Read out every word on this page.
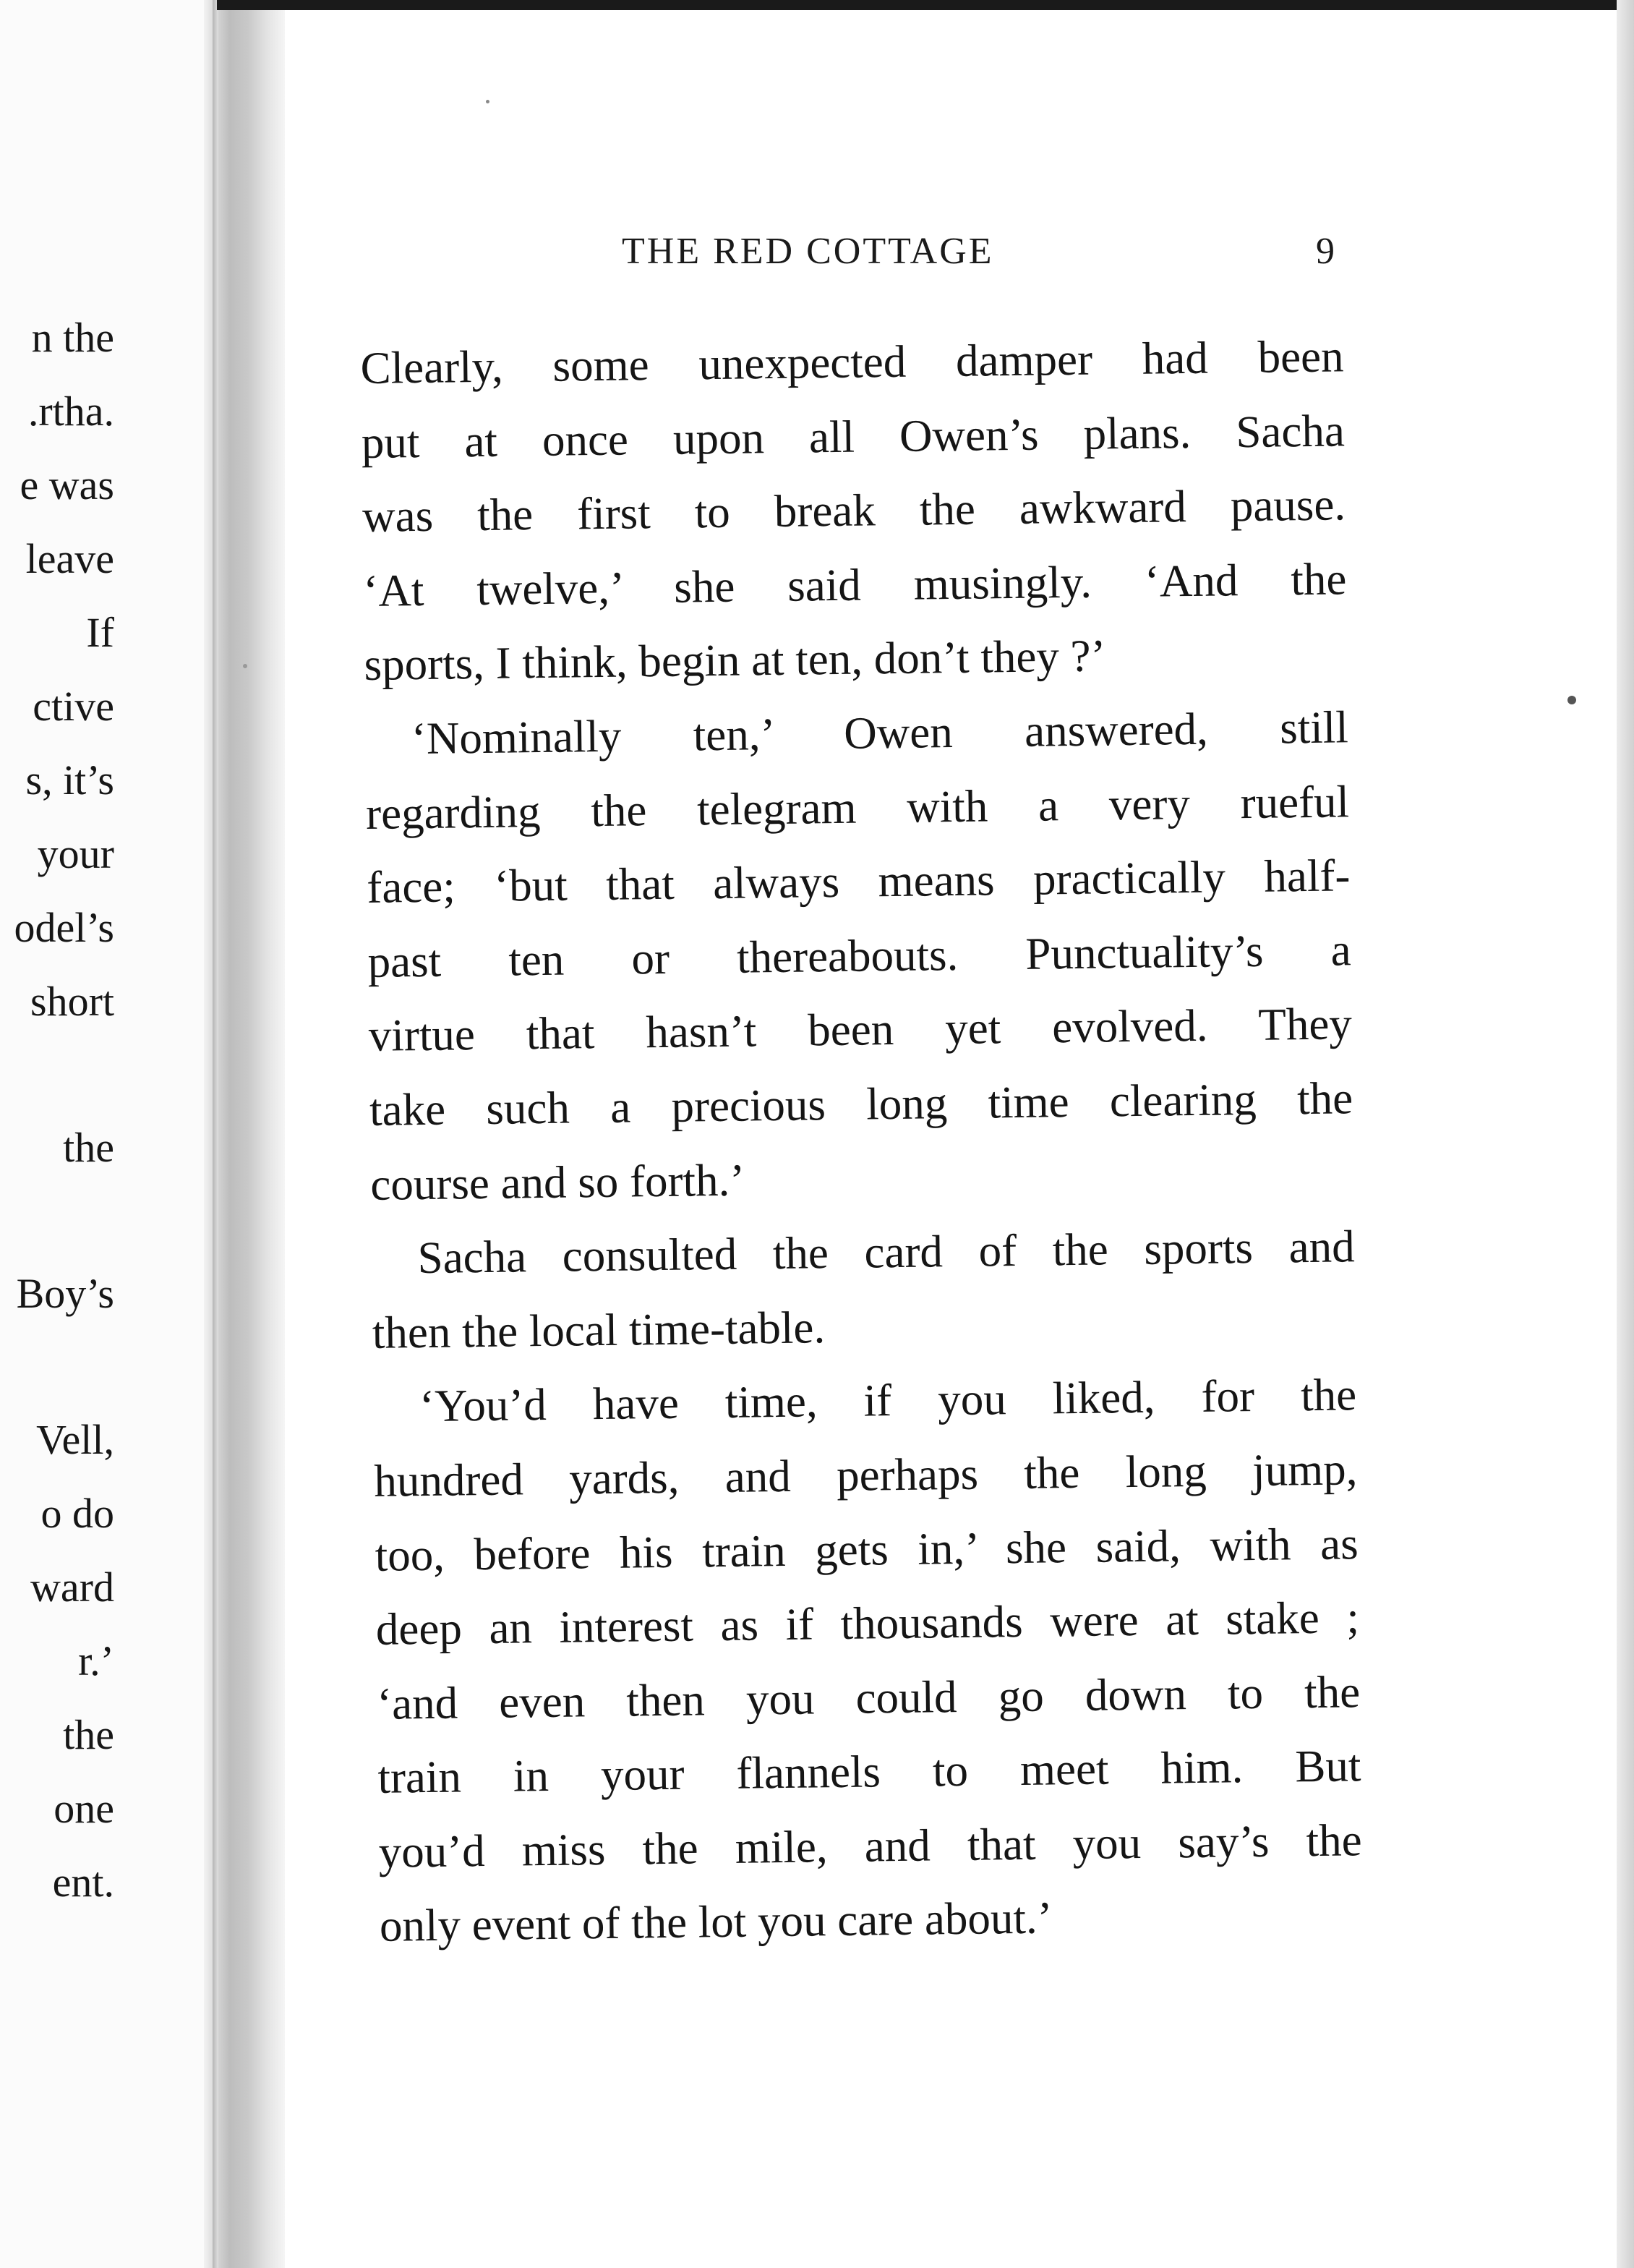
n the
.rtha.
e was
leave
If
ctive
s, it’s
your
odel’s
short
the
Boy’s
Vell,
o do
ward
r.’
the
one
ent.
THE RED COTTAGE	9
Clearly, some unexpected damper had been
put at once upon all Owen’s plans. Sacha
was the first to break the awkward pause.
‘At twelve,’ she said musingly. ‘And the
sports, I think, begin at ten, don’t they ?’
‘Nominally ten,’ Owen answered, still
regarding the telegram with a very rueful
face; ‘but that always means practically half-
past ten or thereabouts. Punctuality’s a
virtue that hasn’t been yet evolved. They
take such a precious long time clearing the
course and so forth.’
Sacha consulted the card of the sports and
then the local time-table.
‘You’d have time, if you liked, for the
hundred yards, and perhaps the long jump,
too, before his train gets in,’ she said, with as
deep an interest as if thousands were at stake ;
‘and even then you could go down to the
train in your flannels to meet him. But
you’d miss the mile, and that you say’s the
only event of the lot you care about.’
